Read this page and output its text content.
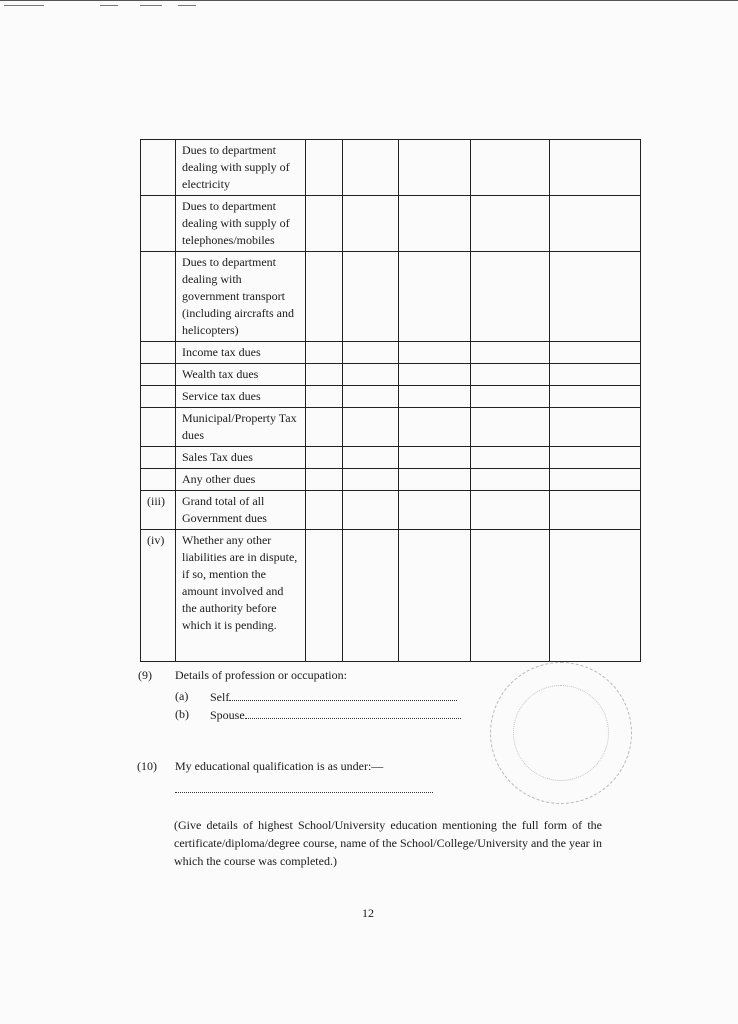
	Dues to department dealing with supply of electricity					
	Dues to department dealing with supply of telephones/mobiles					
	Dues to department dealing with government transport (including aircrafts and helicopters)					
	Income tax dues					
	Wealth tax dues					
	Service tax dues					
	Municipal/Property Tax dues					
	Sales Tax dues					
	Any other dues					
(iii)	Grand total of all Government dues					
(iv)	Whether any other liabilities are in dispute, if so, mention the amount involved and the authority before which it is pending.					
(9) Details of profession or occupation:
(a) Self
(b) Spouse
(10) My educational qualification is as under:—
(Give details of highest School/University education mentioning the full form of the certificate/diploma/degree course, name of the School/College/University and the year in which the course was completed.)
12
